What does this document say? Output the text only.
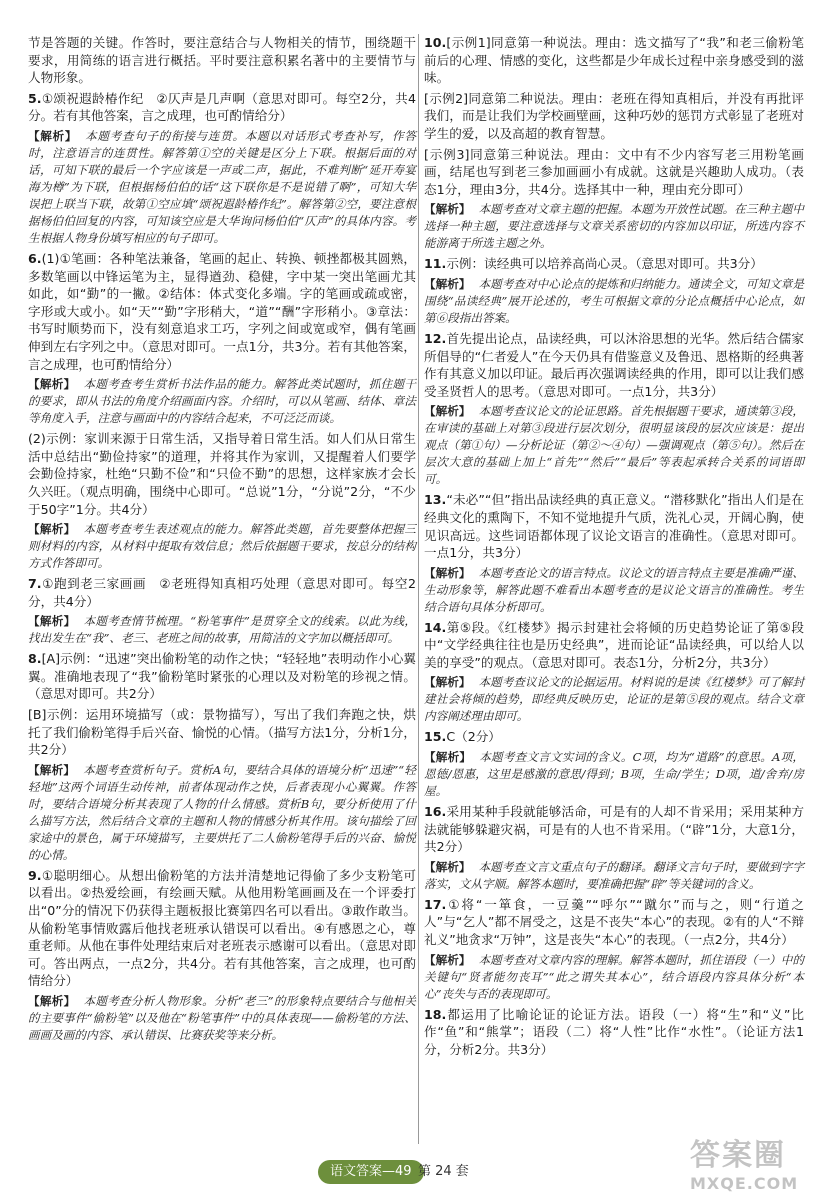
节是答题的关键。作答时，要注意结合与人物相关的情节，围绕题干要求，用简练的语言进行概括。平时要注意积累名著中的主要情节与人物形象。

5.①颂祝遐龄椿作纪　②仄声是几声啊（意思对即可。每空2分，共4分。若有其他答案，言之成理，也可酌情给分）

【解析】 本题考查句子的衔接与连贯。本题以对话形式考查补写，作答时，注意语言的连贯性。解答第①空的关键是区分上下联。根据后面的对话，可知下联的最后一个字应该是一声或二声，据此，不难判断“延开寿宴海为樽”为下联，但根据杨伯伯的话“这下联你是不是说错了啊”，可知大华误把上联当下联，故第①空应填“颂祝遐龄椿作纪”。解答第②空，要注意根据杨伯伯回复的内容，可知该空应是大华询问杨伯伯“仄声”的具体内容。考生根据人物身份填写相应的句子即可。

6.(1)①笔画：各种笔法兼备，笔画的起止、转换、顿挫都极其圆熟，多数笔画以中锋运笔为主，显得遒劲、稳健，字中某一突出笔画尤其如此，如“勤”的一撇。②结体：体式变化多端。字的笔画或疏或密，字形或大或小。如“天”“勤”字形稍大，“道”“酬”字形稍小。③章法：书写时顺势而下，没有刻意追求工巧，字列之间或宽或窄，偶有笔画伸到左右字列之中。（意思对即可。一点1分，共3分。若有其他答案，言之成理，也可酌情给分）

【解析】 本题考查考生赏析书法作品的能力。解答此类试题时，抓住题干的要求，即从书法的角度介绍画面内容。介绍时，可以从笔画、结体、章法等角度入手，注意与画面中的内容结合起来，不可泛泛而谈。

(2)示例：家训来源于日常生活，又指导着日常生活。如人们从日常生活中总结出“勤俭持家”的道理，并将其作为家训，又提醒着人们要学会勤俭持家，杜绝“只勤不俭”和“只俭不勤”的思想，这样家族才会长久兴旺。（观点明确，围绕中心即可。“总说”1分，“分说”2分，“不少于50字”1分。共4分）

【解析】 本题考查考生表述观点的能力。解答此类题，首先要整体把握三则材料的内容，从材料中提取有效信息；然后依据题干要求，按总分的结构方式作答即可。

7.①跑到老三家画画　②老班得知真相巧处理（意思对即可。每空2分，共4分）

【解析】 本题考查情节梳理。“粉笔事件”是贯穿全文的线索。以此为线，找出发生在“我”、老三、老班之间的故事，用简洁的文字加以概括即可。

8.[A]示例：“迅速”突出偷粉笔的动作之快；“轻轻地”表明动作小心翼翼。准确地表现了“我”偷粉笔时紧张的心理以及对粉笔的珍视之情。（意思对即可。共2分）

[B]示例：运用环境描写（或：景物描写），写出了我们奔跑之快，烘托了我们偷粉笔得手后兴奋、愉悦的心情。（描写方法1分，分析1分，共2分）

【解析】 本题考查赏析句子。赏析A句，要结合具体的语境分析“迅速”“轻轻地”这两个词语生动传神，前者体现动作之快，后者表现小心翼翼。作答时，要结合语境分析其表现了人物的什么情感。赏析B句，要分析使用了什么描写方法，然后结合文章的主题和人物的情感分析其作用。该句描绘了回家途中的景色，属于环境描写，主要烘托了二人偷粉笔得手后的兴奋、愉悦的心情。

9.①聪明细心。从想出偷粉笔的方法并清楚地记得偷了多少支粉笔可以看出。②热爱绘画，有绘画天赋。从他用粉笔画画及在一个评委打出“0”分的情况下仍获得主题板报比赛第四名可以看出。③敢作敢当。从偷粉笔事情败露后他找老班承认错误可以看出。④有感恩之心，尊重老师。从他在事件处理结束后对老班表示感谢可以看出。（意思对即可。答出两点，一点2分，共4分。若有其他答案，言之成理，也可酌情给分）

【解析】 本题考查分析人物形象。分析“老三”的形象特点要结合与他相关的主要事件“偷粉笔”以及他在“粉笔事件”中的具体表现——偷粉笔的方法、画画及画的内容、承认错误、比赛获奖等来分析。

10.[示例1]同意第一种说法。理由：选文描写了“我”和老三偷粉笔前后的心理、情感的变化，这些都是少年成长过程中亲身感受到的滋味。

[示例2]同意第二种说法。理由：老班在得知真相后，并没有再批评我们，而是让我们为学校画壁画，这种巧妙的惩罚方式彰显了老班对学生的爱，以及高超的教育智慧。

[示例3]同意第三种说法。理由：文中有不少内容写老三用粉笔画画，结尾也写到老三参加画画小有成就。这就是兴趣助人成功。（表态1分，理由3分，共4分。选择其中一种，理由充分即可）

【解析】 本题考查对文章主题的把握。本题为开放性试题。在三种主题中选择一种主题，要注意选择与文章关系密切的内容加以印证，所选内容不能游离于所选主题之外。

11.示例：读经典可以培养高尚心灵。（意思对即可。共3分）

【解析】 本题考查对中心论点的提炼和归纳能力。通读全文，可知文章是围绕“品读经典”展开论述的，考生可根据文章的分论点概括中心论点，如第⑥段指出答案。

12.首先提出论点，品读经典，可以沐浴思想的光华。然后结合儒家所倡导的“仁者爱人”在今天仍具有借鉴意义及鲁迅、恩格斯的经典著作有其意义加以印证。最后再次强调读经典的作用，即可以让我们感受圣贤哲人的思考。（意思对即可。一点1分，共3分）

【解析】 本题考查议论文的论证思路。首先根据题干要求，通读第③段，在审读的基础上对第③段进行层次划分，很明显该段的层次应该是：提出观点（第①句）—分析论证（第②～④句）—强调观点（第⑤句）。然后在层次大意的基础上加上“首先”“然后”“最后”等表起承转合关系的词语即可。

13.“未必”“但”指出品读经典的真正意义。“潜移默化”指出人们是在经典文化的熏陶下，不知不觉地提升气质，洗礼心灵，开阔心胸，使见识高远。这些词语都体现了议论文语言的准确性。（意思对即可。一点1分，共3分）

【解析】 本题考查论文的语言特点。议论文的语言特点主要是准确严谨、生动形象等，解答此题不难看出本题考查的是议论文语言的准确性。考生结合语句具体分析即可。

14.第⑤段。《红楼梦》揭示封建社会将倾的历史趋势论证了第⑤段中“文学经典往往也是历史经典”，进而论证“品读经典，可以给人以美的享受”的观点。（意思对即可。表态1分，分析2分，共3分）

【解析】 本题考查议论文的论据运用。材料说的是读《红楼梦》可了解封建社会将倾的趋势，即经典反映历史，论证的是第⑤段的观点。结合文章内容阐述理由即可。

15.C（2分）

【解析】 本题考查文言文实词的含义。C项，均为“道路”的意思。A项，恩德/恩惠，这里是感激的意思/得到；B项，生命/学生；D项，道/舍弃/房屋。

16.采用某种手段就能够活命，可是有的人却不肯采用；采用某种方法就能够躲避灾祸，可是有的人也不肯采用。（“辟”1分，大意1分，共2分）

【解析】 本题考查文言文重点句子的翻译。翻译文言句子时，要做到字字落实，文从字顺。解答本题时，要准确把握“辟”等关键词的含义。

17.①将“一箪食，一豆羹”“呼尔”“蹴尔”而与之，则“行道之人”与“乞人”都不屑受之，这是不丧失“本心”的表现。②有的人“不辩礼义”地贪求“万钟”，这是丧失“本心”的表现。（一点2分，共4分）

【解析】 本题考查对文章内容的理解。解答本题时，抓住语段（一）中的关键句“贤者能勿丧耳”“此之谓失其本心”，结合语段内容具体分析“本心”丧失与否的表现即可。

18.都运用了比喻论证的论证方法。语段（一）将“生”和“义”比作“鱼”和“熊掌”；语段（二）将“人性”比作“水性”。（论证方法1分，分析2分。共3分）

语文答案—49 第 24 套	答案圈
MXQE.COM
